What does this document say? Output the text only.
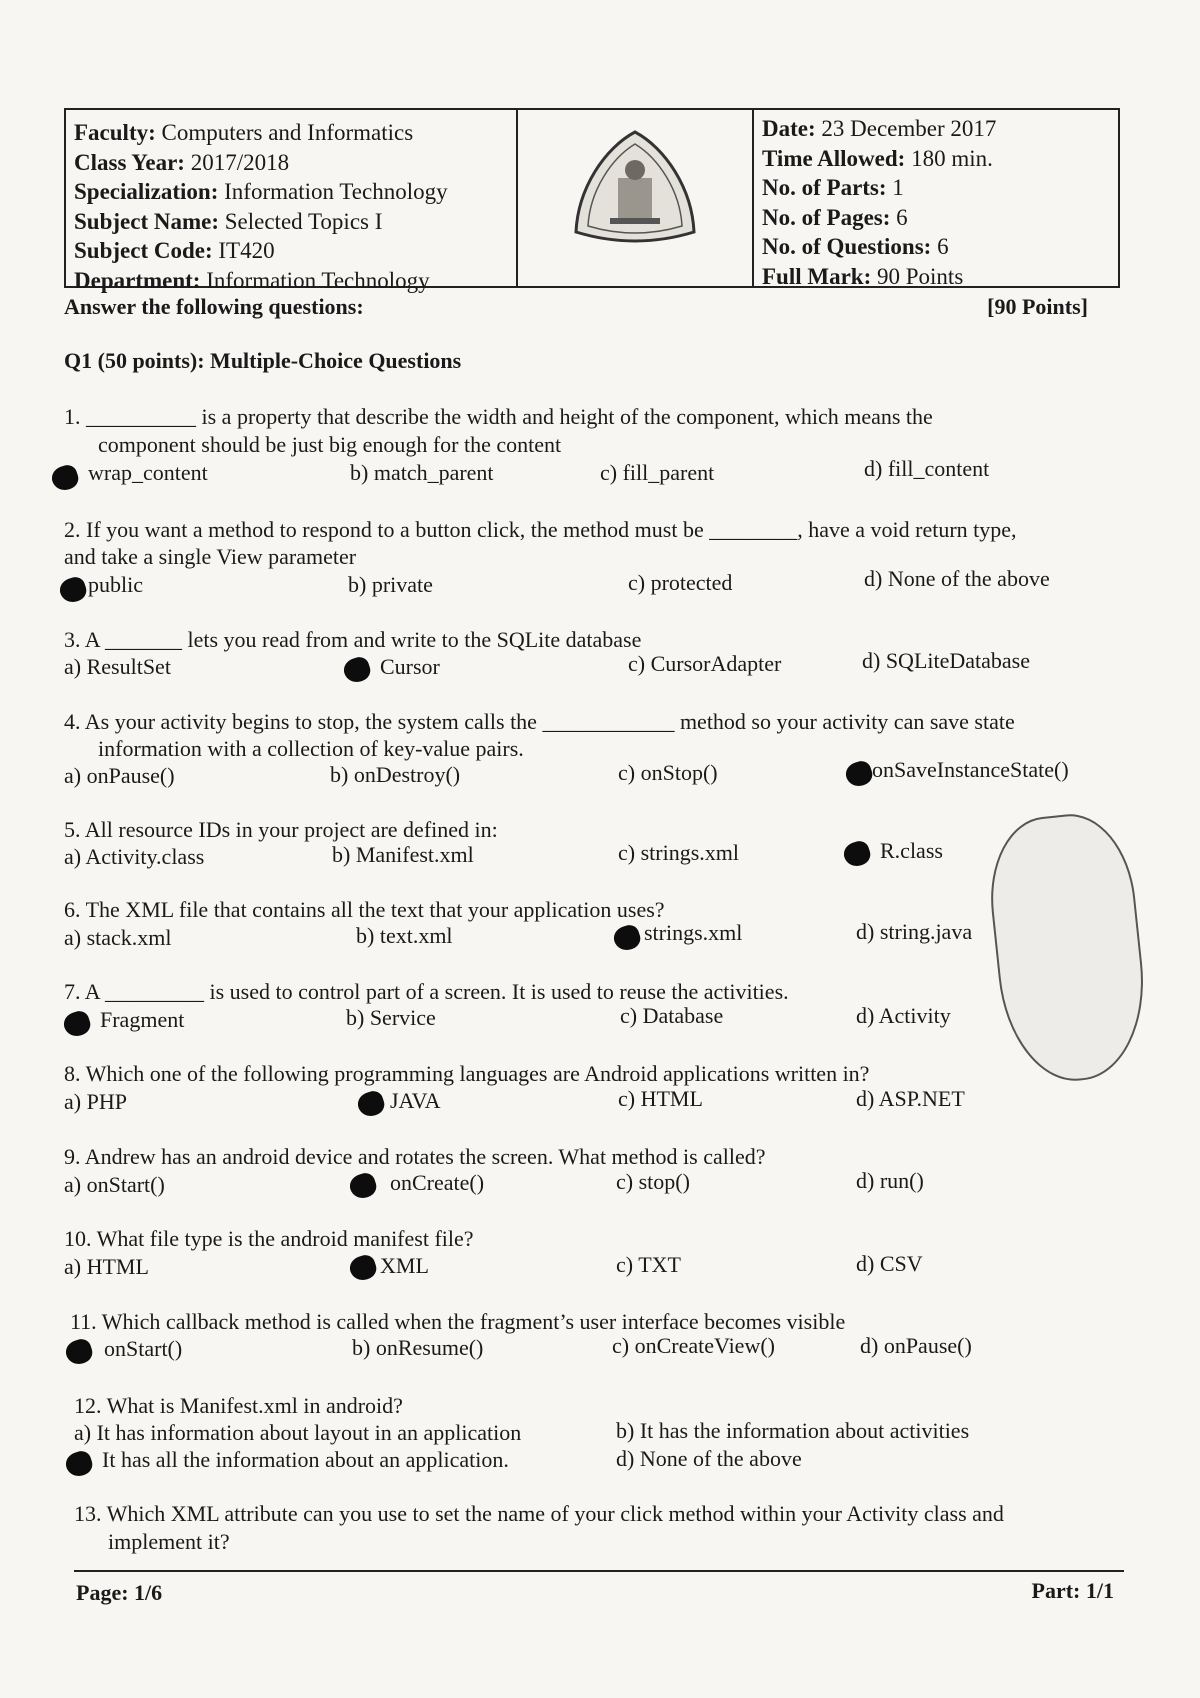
Faculty: Computers and Informatics
Class Year: 2017/2018
Specialization: Information Technology
Subject Name: Selected Topics I
Subject Code: IT420
Department: Information Technology
Date: 23 December 2017
Time Allowed: 180 min.
No. of Parts: 1
No. of Pages: 6
No. of Questions: 6
Full Mark: 90 Points
Answer the following questions:	[90 Points]
Q1 (50 points): Multiple-Choice Questions
1. __________ is a property that describe the width and height of the component, which means the
component should be just big enough for the content
wrap_content	b) match_parent	c) fill_parent	d) fill_content
2. If you want a method to respond to a button click, the method must be ________, have a void return type,
and take a single View parameter
public	b) private	c) protected	d) None of the above
3. A _______ lets you read from and write to the SQLite database
a) ResultSet	Cursor	c) CursorAdapter	d) SQLiteDatabase
4. As your activity begins to stop, the system calls the ____________ method so your activity can save state
information with a collection of key-value pairs.
a) onPause()	b) onDestroy()	c) onStop()	onSaveInstanceState()
5. All resource IDs in your project are defined in:
a) Activity.class	b) Manifest.xml	c) strings.xml	R.class
6. The XML file that contains all the text that your application uses?
a) stack.xml	b) text.xml	strings.xml	d) string.java
7. A _________ is used to control part of a screen. It is used to reuse the activities.
Fragment	b) Service	c) Database	d) Activity
8. Which one of the following programming languages are Android applications written in?
a) PHP	JAVA	c) HTML	d) ASP.NET
9. Andrew has an android device and rotates the screen. What method is called?
a) onStart()	onCreate()	c) stop()	d) run()
10. What file type is the android manifest file?
a) HTML	XML	c) TXT	d) CSV
11. Which callback method is called when the fragment’s user interface becomes visible
onStart()	b) onResume()	c) onCreateView()	d) onPause()
12. What is Manifest.xml in android?
a) It has information about layout in an application	b) It has the information about activities
It has all the information about an application.	d) None of the above
13. Which XML attribute can you use to set the name of your click method within your Activity class and
implement it?
Page: 1/6	Part: 1/1
